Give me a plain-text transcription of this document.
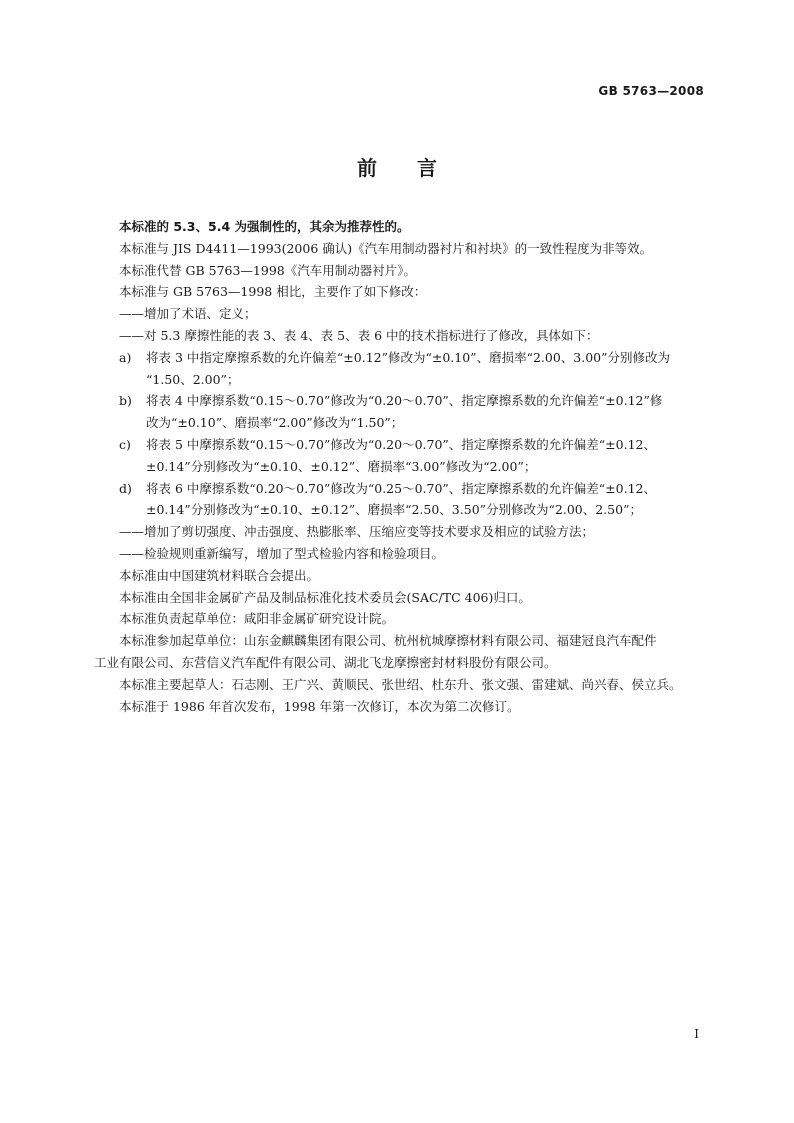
GB 5763—2008
前　　言
本标准的 5.3、5.4 为强制性的，其余为推荐性的。
本标准与 JIS D4411—1993(2006 确认)《汽车用制动器衬片和衬块》的一致性程度为非等效。
本标准代替 GB 5763—1998《汽车用制动器衬片》。
本标准与 GB 5763—1998 相比，主要作了如下修改：
——增加了术语、定义；
——对 5.3 摩擦性能的表 3、表 4、表 5、表 6 中的技术指标进行了修改，具体如下：
a) 将表 3 中指定摩擦系数的允许偏差“±0.12”修改为“±0.10”、磨损率“2.00、3.00”分别修改为
“1.50、2.00”；
b) 将表 4 中摩擦系数“0.15～0.70”修改为“0.20～0.70”、指定摩擦系数的允许偏差“±0.12”修
改为“±0.10”、磨损率“2.00”修改为“1.50”；
c) 将表 5 中摩擦系数“0.15～0.70”修改为“0.20～0.70”、指定摩擦系数的允许偏差“±0.12、
±0.14”分别修改为“±0.10、±0.12”、磨损率“3.00”修改为“2.00”；
d) 将表 6 中摩擦系数“0.20～0.70”修改为“0.25～0.70”、指定摩擦系数的允许偏差“±0.12、
±0.14”分别修改为“±0.10、±0.12”、磨损率“2.50、3.50”分别修改为“2.00、2.50”；
——增加了剪切强度、冲击强度、热膨胀率、压缩应变等技术要求及相应的试验方法；
——检验规则重新编写，增加了型式检验内容和检验项目。
本标准由中国建筑材料联合会提出。
本标准由全国非金属矿产品及制品标准化技术委员会(SAC/TC 406)归口。
本标准负责起草单位：咸阳非金属矿研究设计院。
本标准参加起草单位：山东金麒麟集团有限公司、杭州杭城摩擦材料有限公司、福建冠良汽车配件
工业有限公司、东营信义汽车配件有限公司、湖北飞龙摩擦密封材料股份有限公司。
本标准主要起草人：石志刚、王广兴、黄顺民、张世绍、杜东升、张文强、雷建斌、尚兴春、侯立兵。
本标准于 1986 年首次发布，1998 年第一次修订，本次为第二次修订。
I
